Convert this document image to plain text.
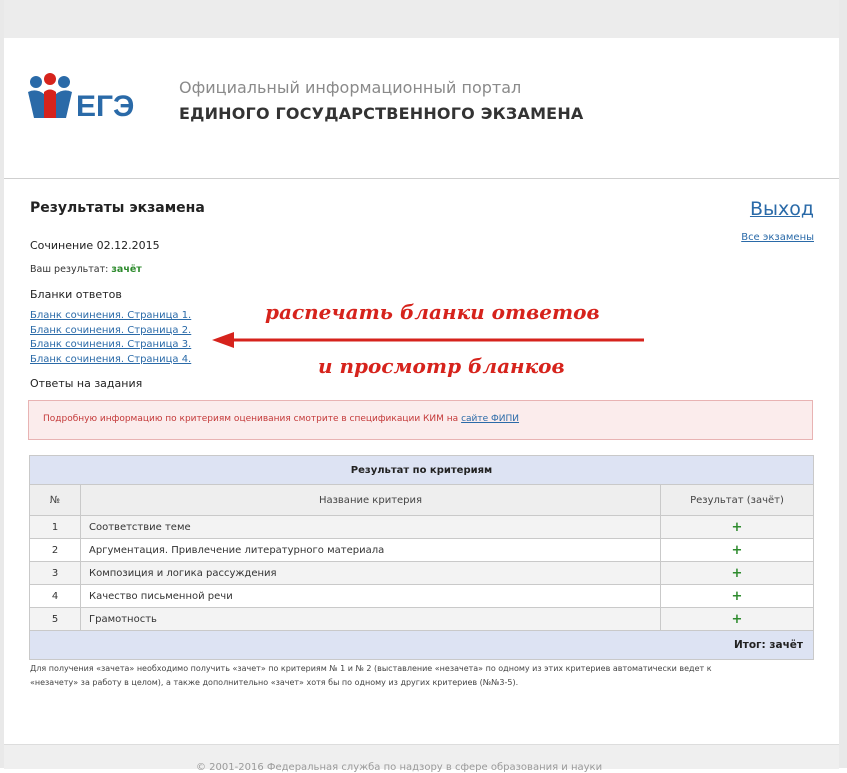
ЕГЭ
Официальный информационный портал
ЕДИНОГО ГОСУДАРСТВЕННОГО ЭКЗАМЕНА
Результаты экзамена	Выход
Все экзамены
Сочинение 02.12.2015
Ваш результат: зачёт
Бланки ответов
Бланк сочинения. Страница 1.
Бланк сочинения. Страница 2.
Бланк сочинения. Страница 3.
Бланк сочинения. Страница 4.
Ответы на задания
распечать бланки ответов
и просмотр бланков
Подробную информацию по критериям оценивания смотрите в спецификации КИМ на сайте ФИПИ
Результат по критериям		
№	Название критерия	Результат (зачёт)
1	Соответствие теме	+
2	Аргументация. Привлечение литературного материала	+
3	Композиция и логика рассуждения	+
4	Качество письменной речи	+
5	Грамотность	+
Итог: зачёт		
Для получения «зачета» необходимо получить «зачет» по критериям № 1 и № 2 (выставление «незачета» по одному из этих критериев автоматически ведет к
«незачету» за работу в целом), а также дополнительно «зачет» хотя бы по одному из других критериев (№№3-5).
© 2001-2016 Федеральная служба по надзору в сфере образования и науки
